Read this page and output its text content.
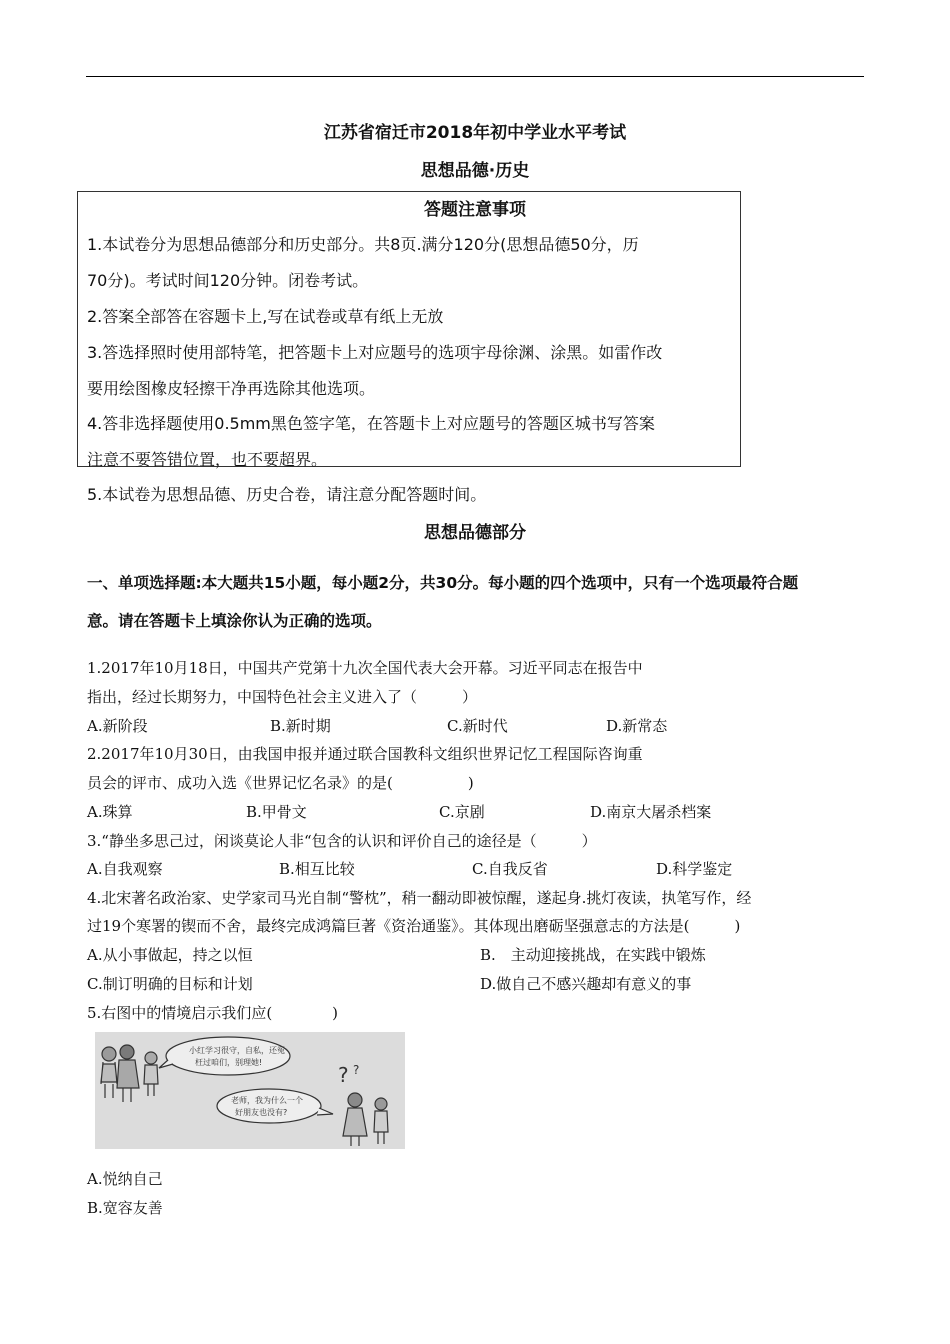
江苏省宿迁市2018年初中学业水平考试
思想品德·历史
答题注意事项
1.本试卷分为思想品德部分和历史部分。共8页.满分120分(思想品德50分，历
70分)。考试时间120分钟。闭卷考试。
2.答案全部答在容题卡上,写在试卷或草有纸上无放
3.答选择照时使用部特笔，把答题卡上对应题号的选项宇母徐渊、涂黑。如雷作改
要用绘图橡皮轻擦干净再选除其他选项。
4.答非选择题使用0.5mm黑色签字笔，在答题卡上对应题号的答题区城书写答案
注意不要答错位置，也不要超界。
5.本试卷为思想品德、历史合卷，请注意分配答题时间。
思想品德部分
一、单项选择题:本大题共15小题，每小题2分，共30分。每小题的四个选项中，只有一个选项最符合题
意。请在答题卡上填涂你认为正确的选项。
1.2017年10月18日，中国共产党第十九次全国代表大会开幕。习近平同志在报告中
指出，经过长期努力，中国特色社会主义进入了（　　　）
A.新阶段	B.新时期	C.新时代	D.新常态
2.2017年10月30日，由我国申报并通过联合国教科文组织世界记忆工程国际咨询重
员会的评市、成功入选《世界记忆名录》的是(　　　　　)
A.珠算	B.甲骨文	C.京剧	D.南京大屠杀档案
3.“静坐多思己过，闲谈莫论人非“包含的认识和评价自己的途径是（　　　）
A.自我观察	B.相互比较	C.自我反省	D.科学鉴定
4.北宋著名政治家、史学家司马光自制“警枕”，稍一翻动即被惊醒，遂起身.挑灯夜读，执笔写作，经
过19个寒署的锲而不舍，最终完成鸿篇巨著《资治通鉴》。其体现出磨砺坚强意志的方法是(　　　)
A.从小事做起，持之以恒	B.　主动迎接挑战，在实践中锻炼
C.制订明确的目标和计划	D.做自己不感兴趣却有意义的事
5.右图中的情境启示我们应(　　　　)
小红学习很守，自私，还冤
枉过咱们，别理她!
? ?
老师，我为什么一个
好朋友也没有?
A.悦纳自己
B.宽容友善
